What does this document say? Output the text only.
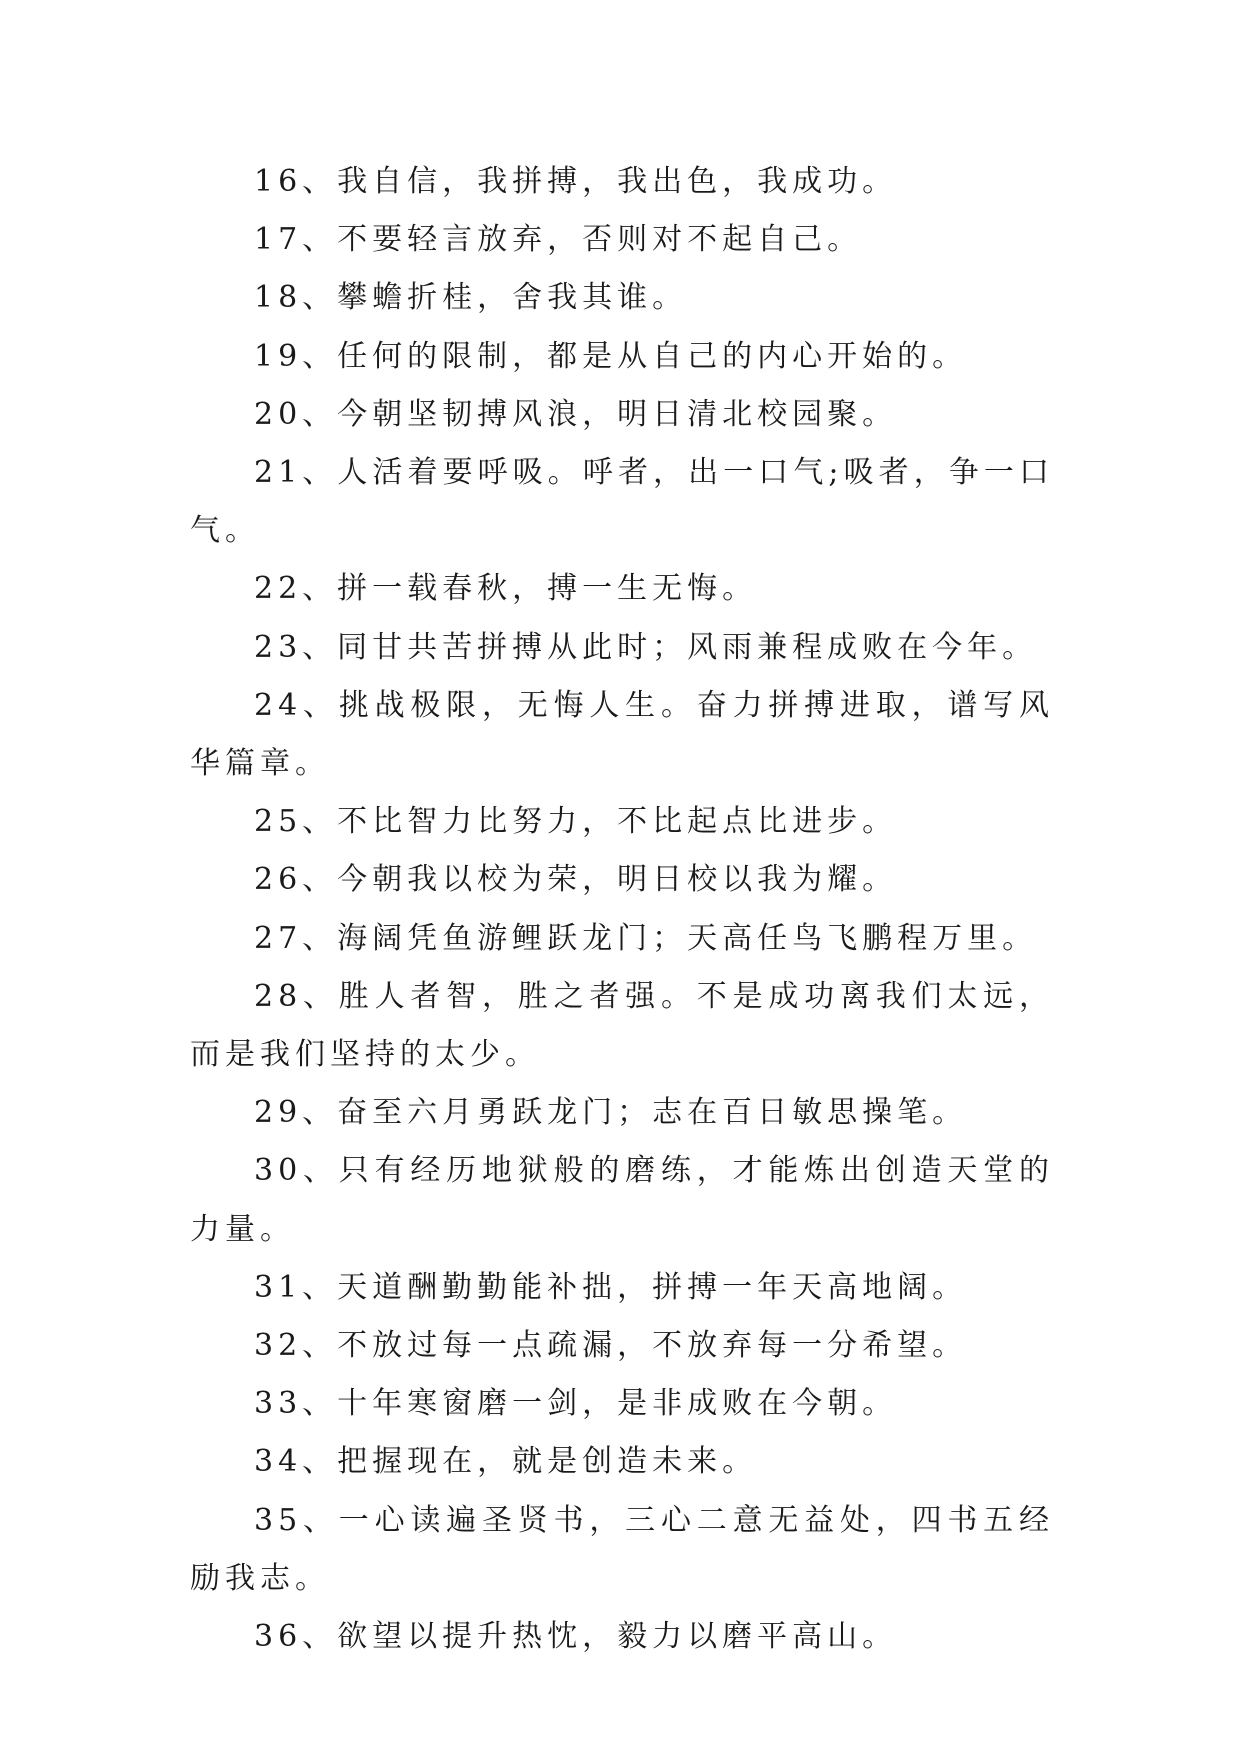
16、我自信，我拼搏，我出色，我成功。

17、不要轻言放弃，否则对不起自己。

18、攀蟾折桂，舍我其谁。

19、任何的限制，都是从自己的内心开始的。

20、今朝坚韧搏风浪，明日清北校园聚。

21、人活着要呼吸。呼者，出一口气;吸者，争一口气。

22、拼一载春秋，搏一生无悔。

23、同甘共苦拼搏从此时；风雨兼程成败在今年。

24、挑战极限，无悔人生。奋力拼搏进取，谱写风华篇章。

25、不比智力比努力，不比起点比进步。

26、今朝我以校为荣，明日校以我为耀。

27、海阔凭鱼游鲤跃龙门；天高任鸟飞鹏程万里。

28、胜人者智，胜之者强。不是成功离我们太远，而是我们坚持的太少。

29、奋至六月勇跃龙门；志在百日敏思操笔。

30、只有经历地狱般的磨练，才能炼出创造天堂的力量。

31、天道酬勤勤能补拙，拼搏一年天高地阔。

32、不放过每一点疏漏，不放弃每一分希望。

33、十年寒窗磨一剑，是非成败在今朝。

34、把握现在，就是创造未来。

35、一心读遍圣贤书，三心二意无益处，四书五经励我志。

36、欲望以提升热忱，毅力以磨平高山。
